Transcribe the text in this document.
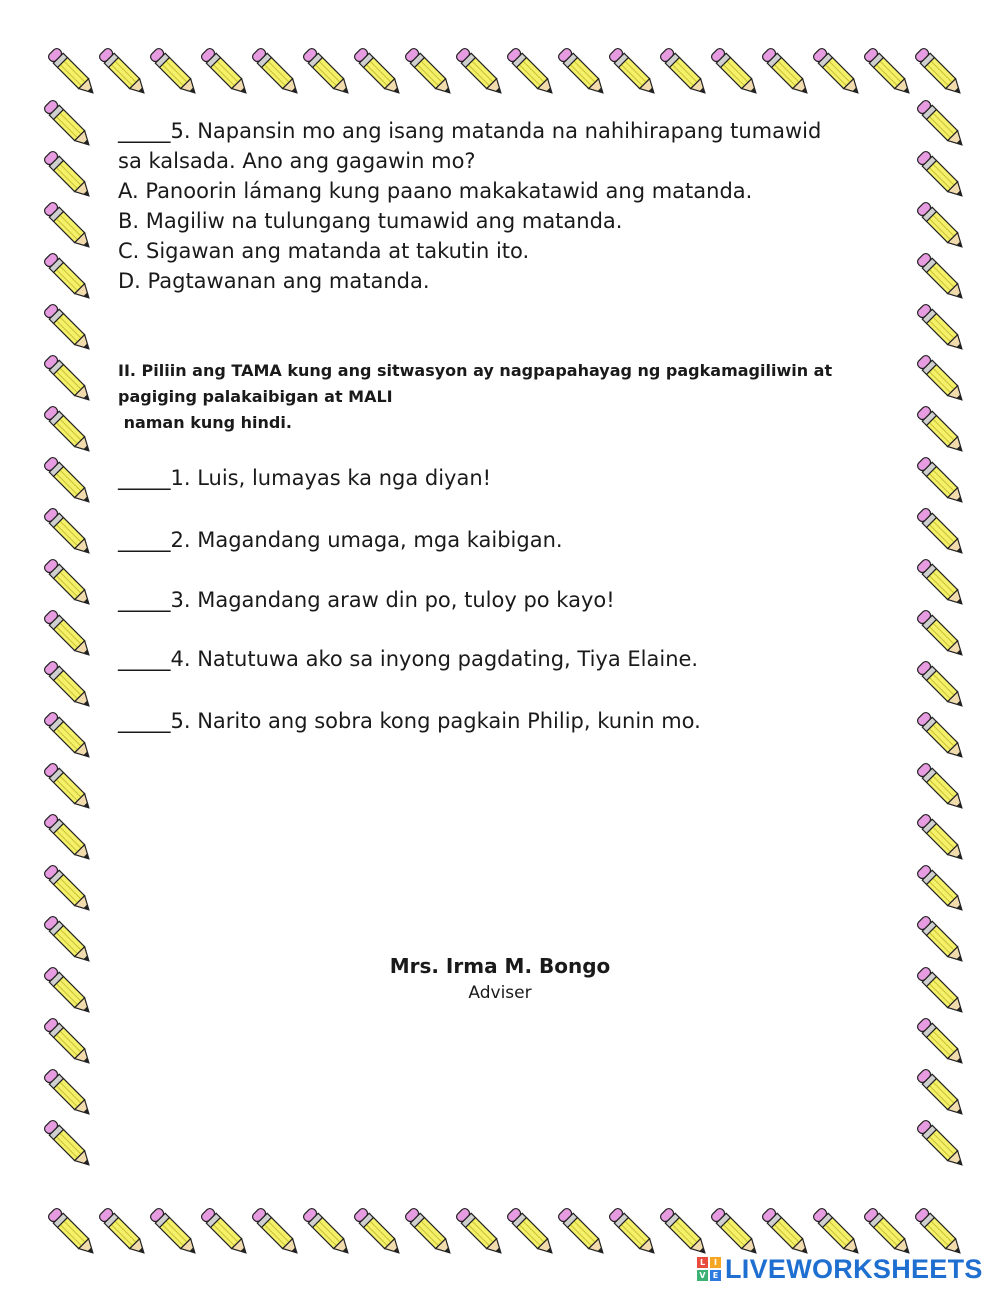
_____5. Napansin mo ang isang matanda na nahihirapang tumawid

sa kalsada. Ano ang gagawin mo?

A. Panoorin lámang kung paano makakatawid ang matanda.

B. Magiliw na tulungang tumawid ang matanda.

C. Sigawan ang matanda at takutin ito.

D. Pagtawanan ang matanda.

II. Piliin ang TAMA kung ang sitwasyon ay nagpapahayag ng pagkamagiliwin at

pagiging palakaibigan at MALI

naman kung hindi.

_____1. Luis, lumayas ka nga diyan!
_____2. Magandang umaga, mga kaibigan.
_____3. Magandang araw din po, tuloy po kayo!
_____4. Natutuwa ako sa inyong pagdating, Tiya Elaine.
_____5. Narito ang sobra kong pagkain Philip, kunin mo.
Mrs. Irma M. Bongo
Adviser
L	I
V E LIVEWORKSHEETS
